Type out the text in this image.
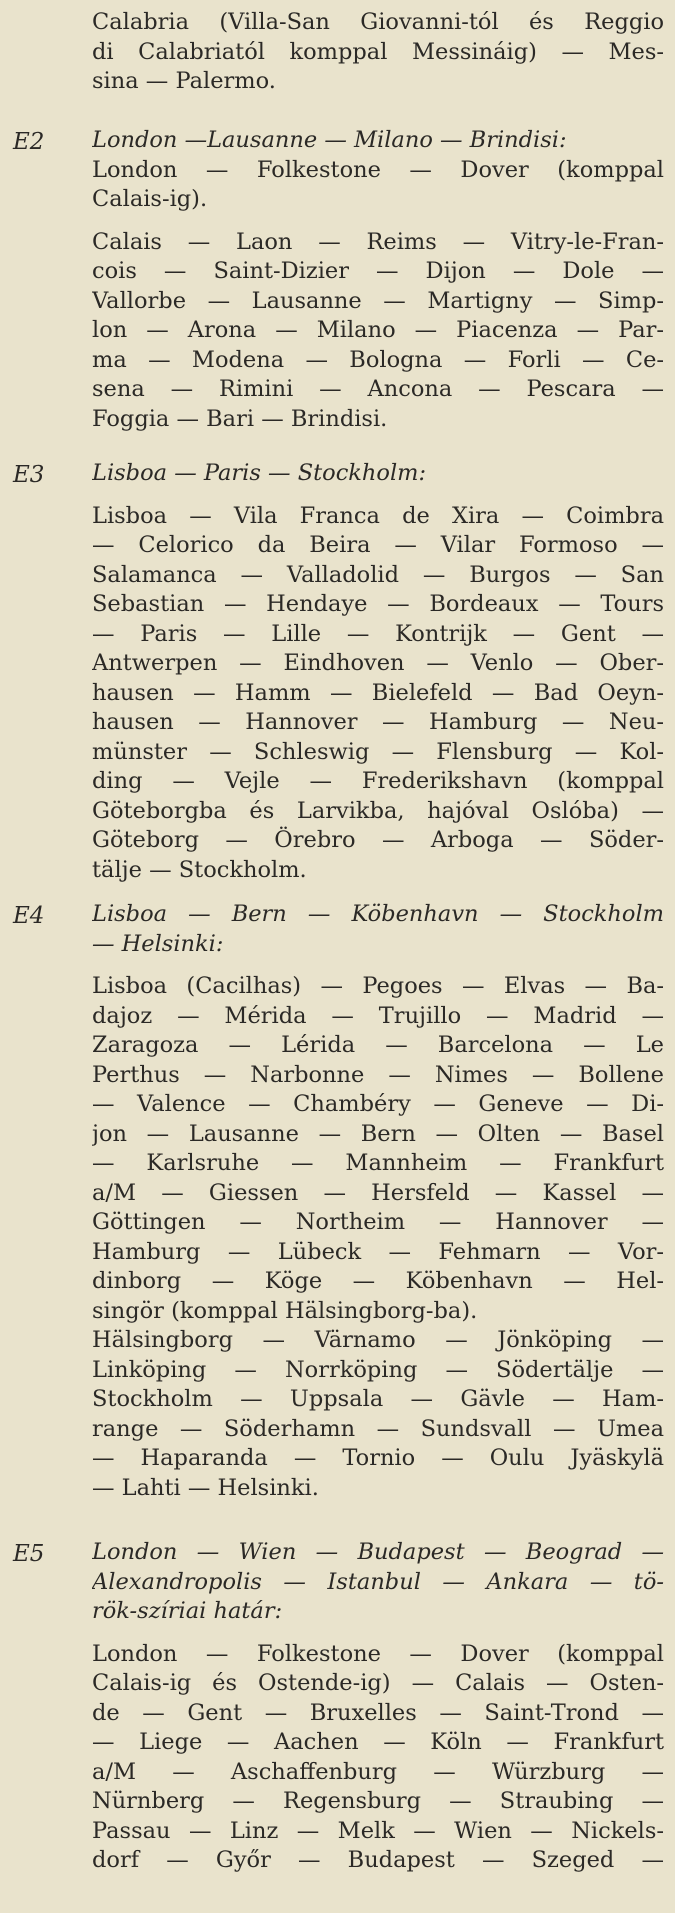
Calabria (Villa-San Giovanni-tól és Reggio
di Calabriatól komppal Messináig) — Mes-
sina — Palermo.
E2 London —Lausanne — Milano — Brindisi:
London — Folkestone — Dover (komppal
Calais-ig).
Calais — Laon — Reims — Vitry-le-Fran-
cois — Saint-Dizier — Dijon — Dole —
Vallorbe — Lausanne — Martigny — Simp-
lon — Arona — Milano — Piacenza — Par-
ma — Modena — Bologna — Forli — Ce-
sena — Rimini — Ancona — Pescara —
Foggia — Bari — Brindisi.
E3 Lisboa — Paris — Stockholm:
Lisboa — Vila Franca de Xira — Coimbra
— Celorico da Beira — Vilar Formoso —
Salamanca — Valladolid — Burgos — San
Sebastian — Hendaye — Bordeaux — Tours
— Paris — Lille — Kontrijk — Gent —
Antwerpen — Eindhoven — Venlo — Ober-
hausen — Hamm — Bielefeld — Bad Oeyn-
hausen — Hannover — Hamburg — Neu-
münster — Schleswig — Flensburg — Kol-
ding — Vejle — Frederikshavn (komppal
Göteborgba és Larvikba, hajóval Oslóba) —
Göteborg — Örebro — Arboga — Söder-
tälje — Stockholm.
E4 Lisboa — Bern — Köbenhavn — Stockholm
— Helsinki:
Lisboa (Cacilhas) — Pegoes — Elvas — Ba-
dajoz — Mérida — Trujillo — Madrid —
Zaragoza — Lérida — Barcelona — Le
Perthus — Narbonne — Nimes — Bollene
— Valence — Chambéry — Geneve — Di-
jon — Lausanne — Bern — Olten — Basel
— Karlsruhe — Mannheim — Frankfurt
a/M — Giessen — Hersfeld — Kassel —
Göttingen — Northeim — Hannover —
Hamburg — Lübeck — Fehmarn — Vor-
dinborg — Köge — Köbenhavn — Hel-
singör (komppal Hälsingborg-ba).
Hälsingborg — Värnamo — Jönköping —
Linköping — Norrköping — Södertälje —
Stockholm — Uppsala — Gävle — Ham-
range — Söderhamn — Sundsvall — Umea
— Haparanda — Tornio — Oulu Jyäskylä
— Lahti — Helsinki.
E5 London — Wien — Budapest — Beograd —
Alexandropolis — Istanbul — Ankara — tö-
rök-szíriai határ:
London — Folkestone — Dover (komppal
Calais-ig és Ostende-ig) — Calais — Osten-
de — Gent — Bruxelles — Saint-Trond —
— Liege — Aachen — Köln — Frankfurt
a/M — Aschaffenburg — Würzburg —
Nürnberg — Regensburg — Straubing —
Passau — Linz — Melk — Wien — Nickels-
dorf — Győr — Budapest — Szeged —
